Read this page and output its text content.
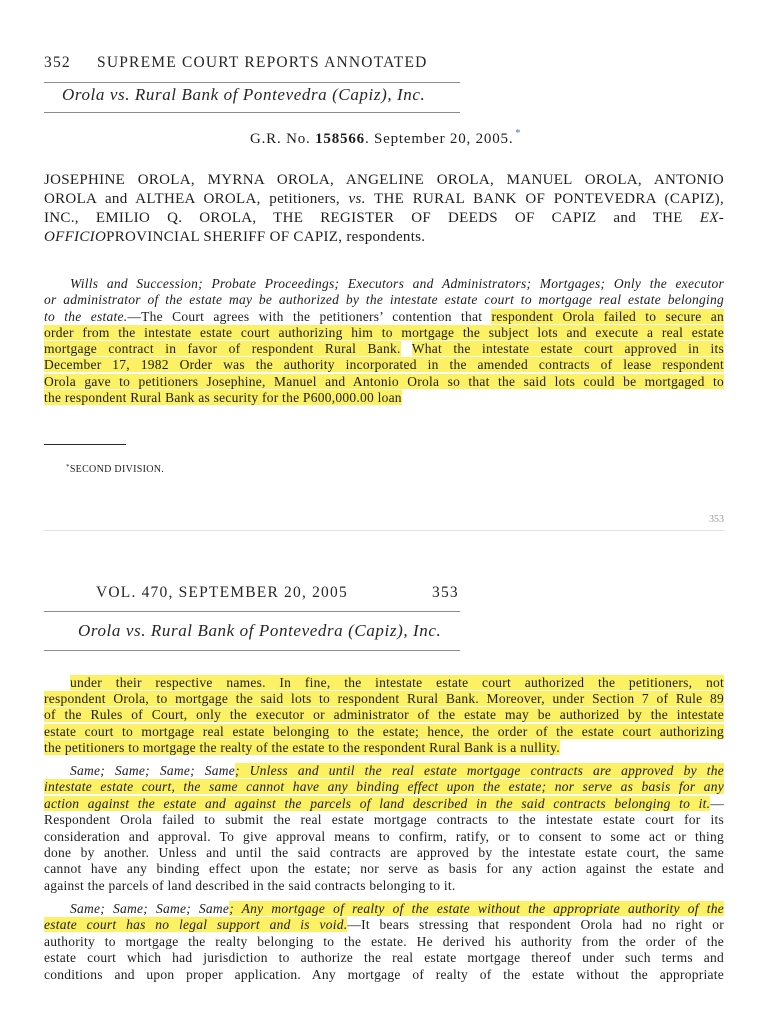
352 SUPREME COURT REPORTS ANNOTATED
Orola vs. Rural Bank of Pontevedra (Capiz), Inc.
G.R. No. 158566. September 20, 2005. *
JOSEPHINE OROLA, MYRNA OROLA, ANGELINE OROLA, MANUEL OROLA, ANTONIO
OROLA and ALTHEA OROLA, petitioners, vs. THE RURAL BANK OF PONTEVEDRA (CAPIZ),
INC., EMILIO Q. OROLA, THE REGISTER OF DEEDS OF CAPIZ and THE EX-
OFFICIOPROVINCIAL SHERIFF OF CAPIZ, respondents.
Wills and Succession; Probate Proceedings; Executors and Administrators; Mortgages; Only the executor
or administrator of the estate may be authorized by the intestate estate court to mortgage real estate belonging
to the estate.—The Court agrees with the petitioners’ contention that respondent Orola failed to secure an
order from the intestate estate court authorizing him to mortgage the subject lots and execute a real estate
mortgage contract in favor of respondent Rural Bank. What the intestate estate court approved in its
December 17, 1982 Order was the authority incorporated in the amended contracts of lease respondent
Orola gave to petitioners Josephine, Manuel and Antonio Orola so that the said lots could be mortgaged to
the respondent Rural Bank as security for the P600,000.00 loan
*SECOND DIVISION.
353
VOL. 470, SEPTEMBER 20, 2005	353
Orola vs. Rural Bank of Pontevedra (Capiz), Inc.
under their respective names. In fine, the intestate estate court authorized the petitioners, not
respondent Orola, to mortgage the said lots to respondent Rural Bank. Moreover, under Section 7 of Rule 89
of the Rules of Court, only the executor or administrator of the estate may be authorized by the intestate
estate court to mortgage real estate belonging to the estate; hence, the order of the estate court authorizing
the petitioners to mortgage the realty of the estate to the respondent Rural Bank is a nullity.
Same; Same; Same; Same; Unless and until the real estate mortgage contracts are approved by the
intestate estate court, the same cannot have any binding effect upon the estate; nor serve as basis for any
action against the estate and against the parcels of land described in the said contracts belonging to it.—
Respondent Orola failed to submit the real estate mortgage contracts to the intestate estate court for its
consideration and approval. To give approval means to confirm, ratify, or to consent to some act or thing
done by another. Unless and until the said contracts are approved by the intestate estate court, the same
cannot have any binding effect upon the estate; nor serve as basis for any action against the estate and
against the parcels of land described in the said contracts belonging to it.
Same; Same; Same; Same; Any mortgage of realty of the estate without the appropriate authority of the
estate court has no legal support and is void.—It bears stressing that respondent Orola had no right or
authority to mortgage the realty belonging to the estate. He derived his authority from the order of the
estate court which had jurisdiction to authorize the real estate mortgage thereof under such terms and
conditions and upon proper application. Any mortgage of realty of the estate without the appropriate
